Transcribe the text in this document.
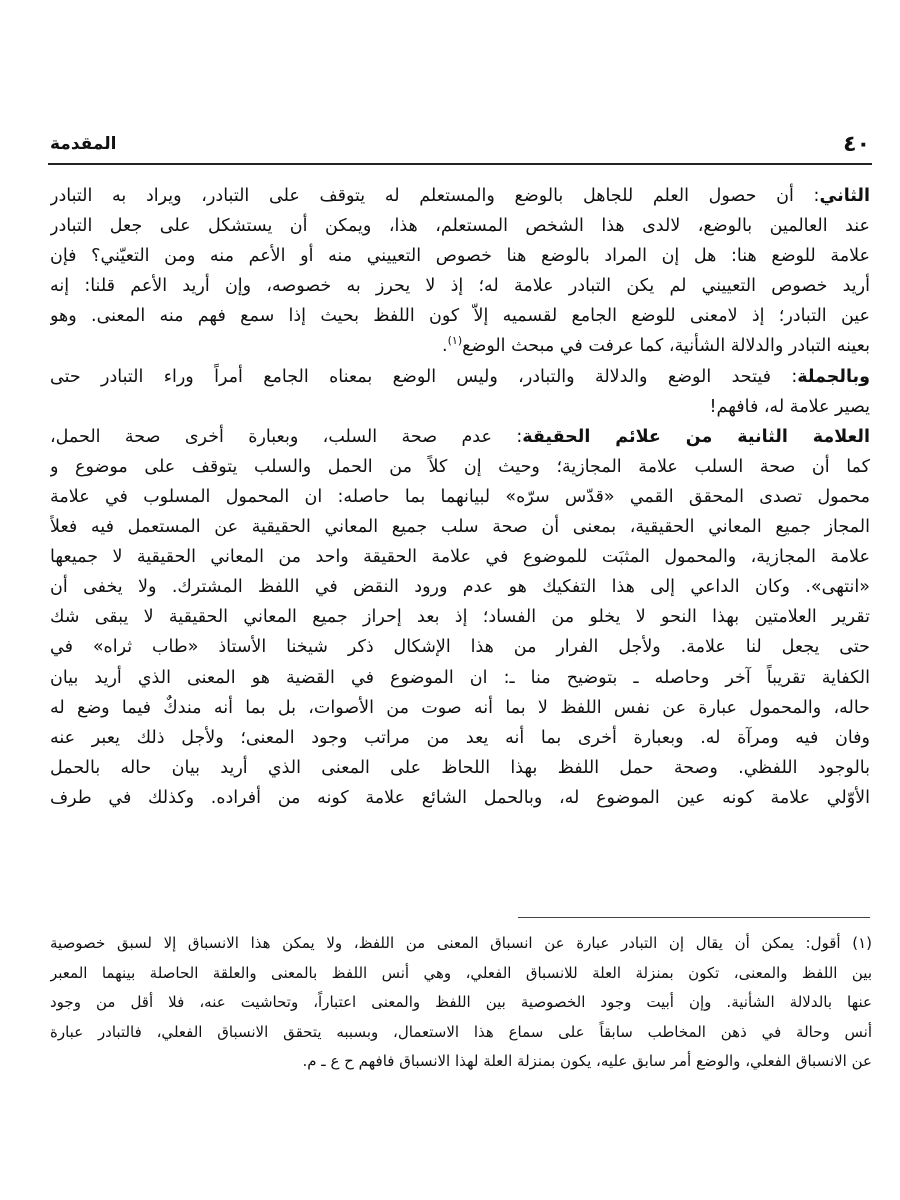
٤٠
المقدمة
الثاني: أن حصول العلم للجاهل بالوضع والمستعلم له يتوقف على التبادر، ويراد به التبادر
عند العالمين بالوضع، لالدى هذا الشخص المستعلم، هذا، ويمكن أن يستشكل على جعل التبادر
علامة للوضع هنا: هل إن المراد بالوضع هنا خصوص التعييني منه أو الأعم منه ومن التعيّني؟ فإن
أريد خصوص التعييني لم يكن التبادر علامة له؛ إذ لا يحرز به خصوصه، وإن أريد الأعم قلنا: إنه
عين التبادر؛ إذ لامعنى للوضع الجامع لقسميه إلاّ كون اللفظ بحيث إذا سمع فهم منه المعنى. وهو
بعينه التبادر والدلالة الشأنية، كما عرفت في مبحث الوضع$^{(١)}$.
وبالجملة: فيتحد الوضع والدلالة والتبادر، وليس الوضع بمعناه الجامع أمراً وراء التبادر حتى
يصير علامة له، فافهم!
العلامة الثانية من علائم الحقيقة: عدم صحة السلب، وبعبارة أخرى صحة الحمل،
كما أن صحة السلب علامة المجازية؛ وحيث إن كلاً من الحمل والسلب يتوقف على موضوع و
محمول تصدى المحقق القمي «قدّس سرّه» لبيانهما بما حاصله: ان المحمول المسلوب في علامة
المجاز جميع المعاني الحقيقية، بمعنى أن صحة سلب جميع المعاني الحقيقية عن المستعمل فيه فعلاً
علامة المجازية، والمحمول المثبَت للموضوع في علامة الحقيقة واحد من المعاني الحقيقية لا جميعها
«انتهى». وكان الداعي إلى هذا التفكيك هو عدم ورود النقض في اللفظ المشترك. ولا يخفى أن
تقرير العلامتين بهذا النحو لا يخلو من الفساد؛ إذ بعد إحراز جميع المعاني الحقيقية لا يبقى شك
حتى يجعل لنا علامة. ولأجل الفرار من هذا الإشكال ذكر شيخنا الأستاذ «طاب ثراه» في
الكفاية تقريباً آخر وحاصله ـ بتوضيح منا ـ: ان الموضوع في القضية هو المعنى الذي أريد بيان
حاله، والمحمول عبارة عن نفس اللفظ لا بما أنه صوت من الأصوات، بل بما أنه مندكٌ فيما وضع له
وفان فيه ومرآة له. وبعبارة أخرى بما أنه يعد من مراتب وجود المعنى؛ ولأجل ذلك يعبر عنه
بالوجود اللفظي. وصحة حمل اللفظ بهذا اللحاظ على المعنى الذي أريد بيان حاله بالحمل
الأوّلي علامة كونه عين الموضوع له، وبالحمل الشائع علامة كونه من أفراده. وكذلك في طرف
(١) أقول: يمكن أن يقال إن التبادر عبارة عن انسباق المعنى من اللفظ، ولا يمكن هذا الانسباق إلا لسبق خصوصية
بين اللفظ والمعنى، تكون بمنزلة العلة للانسباق الفعلي، وهي أنس اللفظ بالمعنى والعلقة الحاصلة بينهما المعبر
عنها بالدلالة الشأنية. وإن أبيت وجود الخصوصية بين اللفظ والمعنى اعتباراً، وتحاشيت عنه، فلا أقل من وجود
أنس وحالة في ذهن المخاطب سابقاً على سماع هذا الاستعمال، وبسببه يتحقق الانسباق الفعلي، فالتبادر عبارة
عن الانسباق الفعلي، والوضع أمر سابق عليه، يكون بمنزلة العلة لهذا الانسباق فافهم ح ع ـ م.
